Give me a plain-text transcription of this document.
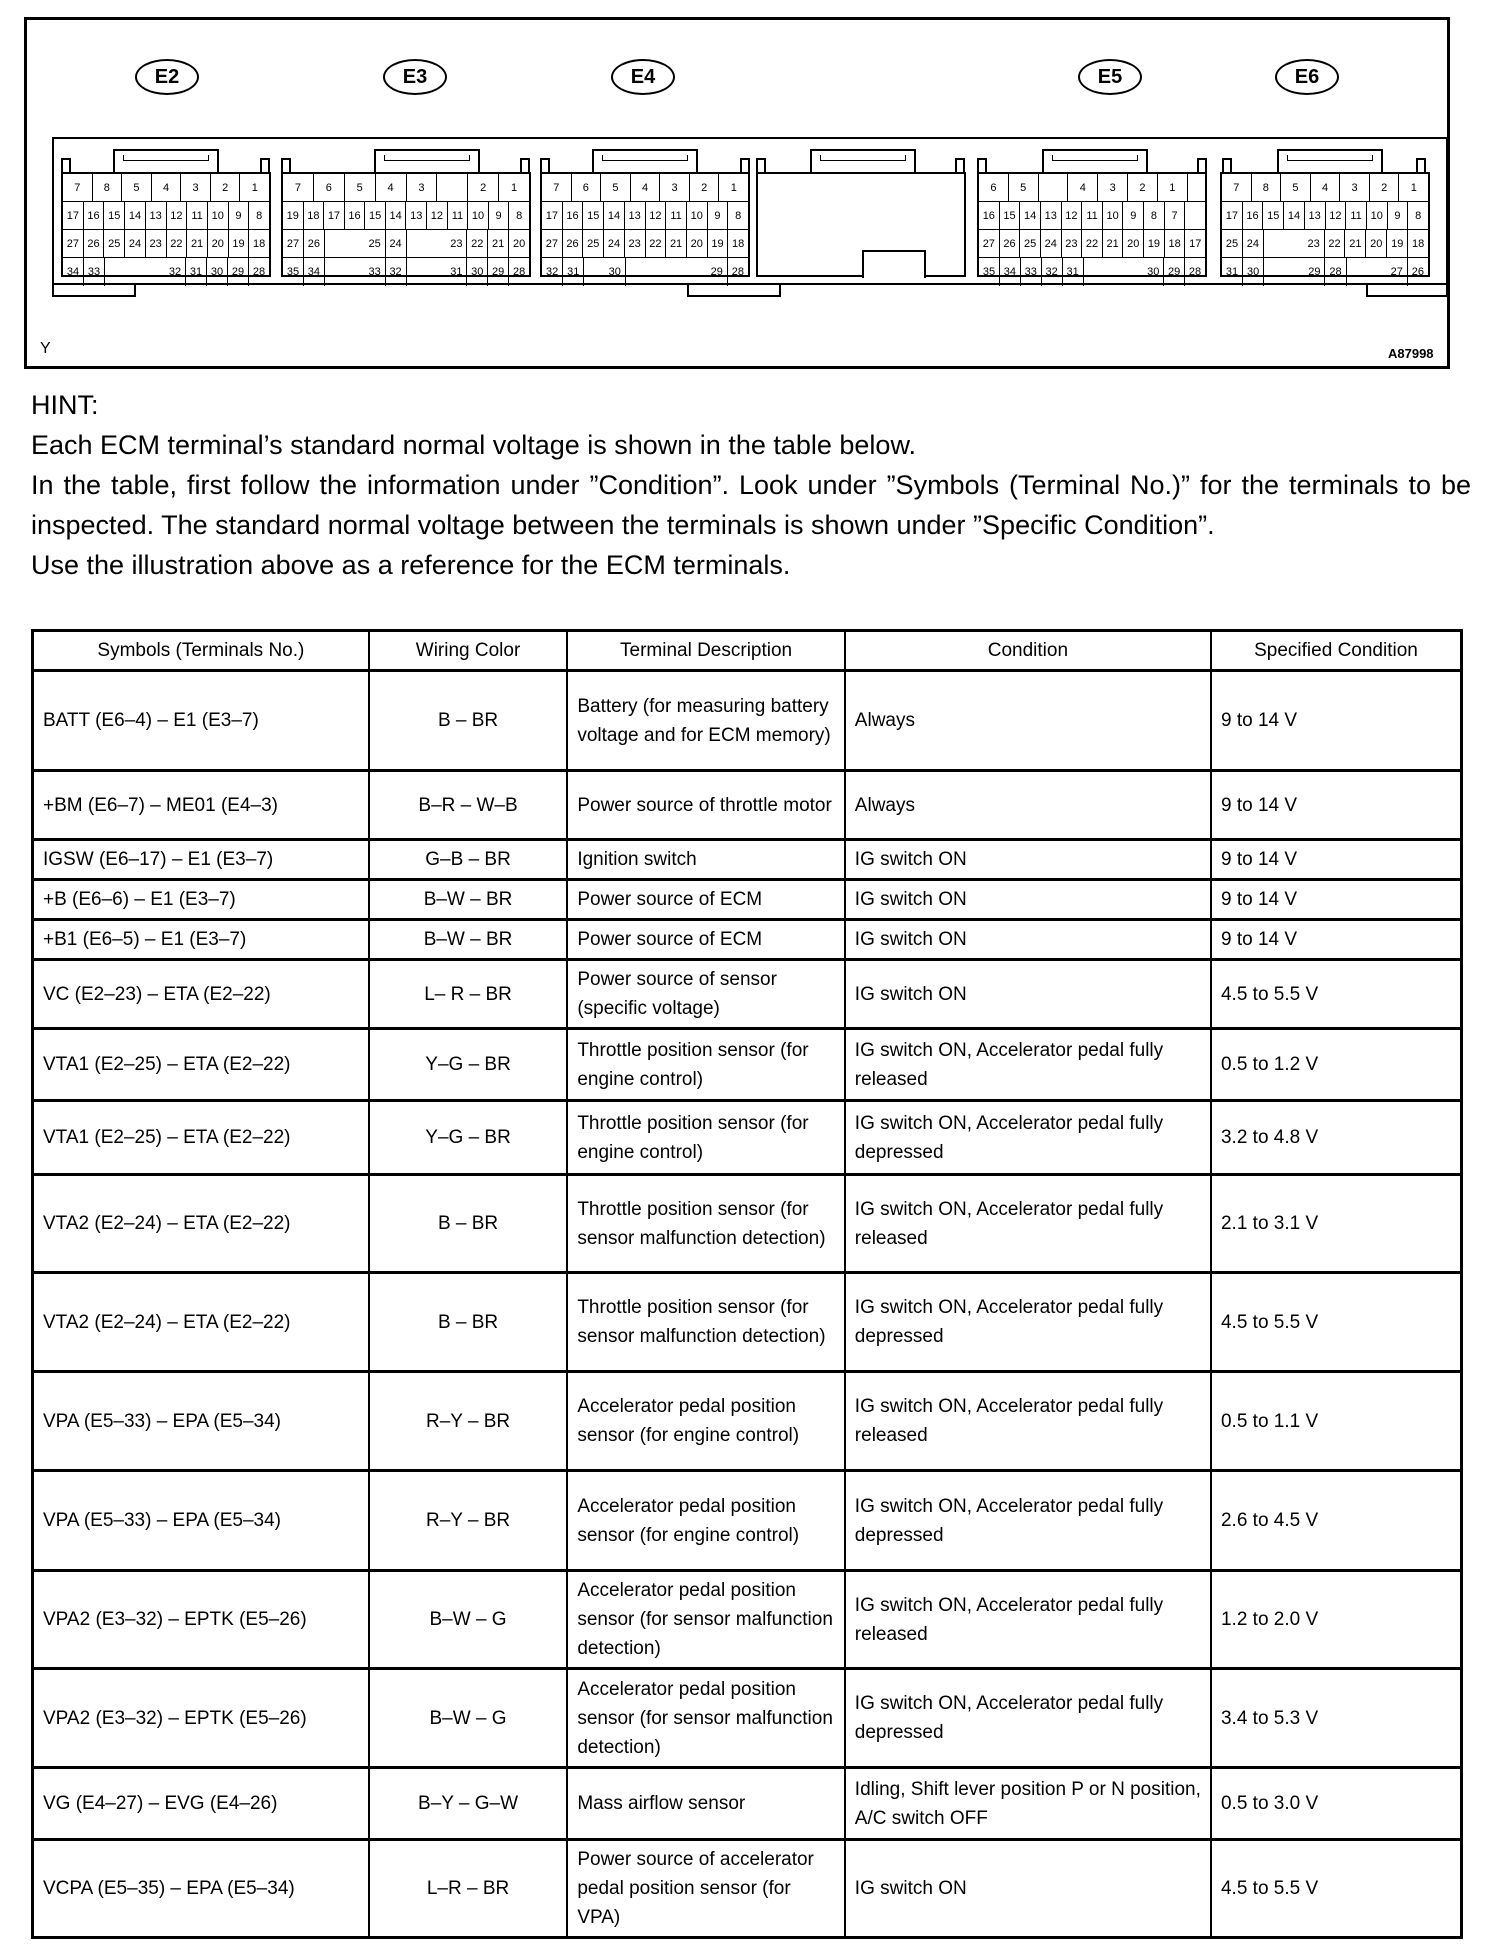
E2	E3	E4	E5	E6
7	8	5	4	3	2	1
17 16 15 14 13 12 11 10	9	8
27 26 25 24 23 22 21 20 19 18
34 33	32 31 30 29 28
7	6	5	4	3	2	1
19 18 17 16 15 14 13 12 11 10	9	8
27 26	25 24	23 22 21 20
35 34	33 32	31 30 29 28
7	6	5	4	3	2	1
17 16 15 14 13 12 11 10	9	8
27 26 25 24 23 22 21 20 19 18
32 31	30	29 28
6	5	4	3	2	1
16 15 14 13 12 11 10	9	8	7
27 26 25 24 23 22 21 20 19 18 17
35 34 33 32 31	30 29 28
7	8	5	4	3	2	1
17 16 15 14 13 12 11 10	9	8
25 24	23 22 21 20 19 18
31 30	29 28	27 26
Y	A87998

HINT:

Each ECM terminal’s standard normal voltage is shown in the table below.

In the table, first follow the information under ”Condition”. Look under ”Symbols (Terminal No.)” for the terminals to be inspected. The standard normal voltage between the terminals is shown under ”Specific Condition”.

Use the illustration above as a reference for the ECM terminals.

Symbols (Terminals No.)	Wiring Color	Terminal Description	Condition	Specified Condition
BATT (E6–4) – E1 (E3–7)	B – BR	Battery (for measuring battery voltage and for ECM memory)	Always	9 to 14 V
+BM (E6–7) – ME01 (E4–3)	B–R – W–B	Power source of throttle motor	Always	9 to 14 V
IGSW (E6–17) – E1 (E3–7)	G–B – BR	Ignition switch	IG switch ON	9 to 14 V
+B (E6–6) – E1 (E3–7)	B–W – BR	Power source of ECM	IG switch ON	9 to 14 V
+B1 (E6–5) – E1 (E3–7)	B–W – BR	Power source of ECM	IG switch ON	9 to 14 V
VC (E2–23) – ETA (E2–22)	L– R – BR	Power source of sensor (specific voltage)	IG switch ON	4.5 to 5.5 V
VTA1 (E2–25) – ETA (E2–22)	Y–G – BR	Throttle position sensor (for engine control)	IG switch ON, Accelerator pedal fully released	0.5 to 1.2 V
VTA1 (E2–25) – ETA (E2–22)	Y–G – BR	Throttle position sensor (for engine control)	IG switch ON, Accelerator pedal fully depressed	3.2 to 4.8 V
VTA2 (E2–24) – ETA (E2–22)	B – BR	Throttle position sensor (for sensor malfunction detection)	IG switch ON, Accelerator pedal fully released	2.1 to 3.1 V
VTA2 (E2–24) – ETA (E2–22)	B – BR	Throttle position sensor (for sensor malfunction detection)	IG switch ON, Accelerator pedal fully depressed	4.5 to 5.5 V
VPA (E5–33) – EPA (E5–34)	R–Y – BR	Accelerator pedal position sensor (for engine control)	IG switch ON, Accelerator pedal fully released	0.5 to 1.1 V
VPA (E5–33) – EPA (E5–34)	R–Y – BR	Accelerator pedal position sensor (for engine control)	IG switch ON, Accelerator pedal fully depressed	2.6 to 4.5 V
VPA2 (E3–32) – EPTK (E5–26)	B–W – G	Accelerator pedal position sensor (for sensor malfunction detection)	IG switch ON, Accelerator pedal fully released	1.2 to 2.0 V
VPA2 (E3–32) – EPTK (E5–26)	B–W – G	Accelerator pedal position sensor (for sensor malfunction detection)	IG switch ON, Accelerator pedal fully depressed	3.4 to 5.3 V
VG (E4–27) – EVG (E4–26)	B–Y – G–W	Mass airflow sensor	Idling, Shift lever position P or N position, A/C switch OFF	0.5 to 3.0 V
VCPA (E5–35) – EPA (E5–34)	L–R – BR	Power source of accelerator pedal position sensor (for VPA)	IG switch ON	4.5 to 5.5 V
